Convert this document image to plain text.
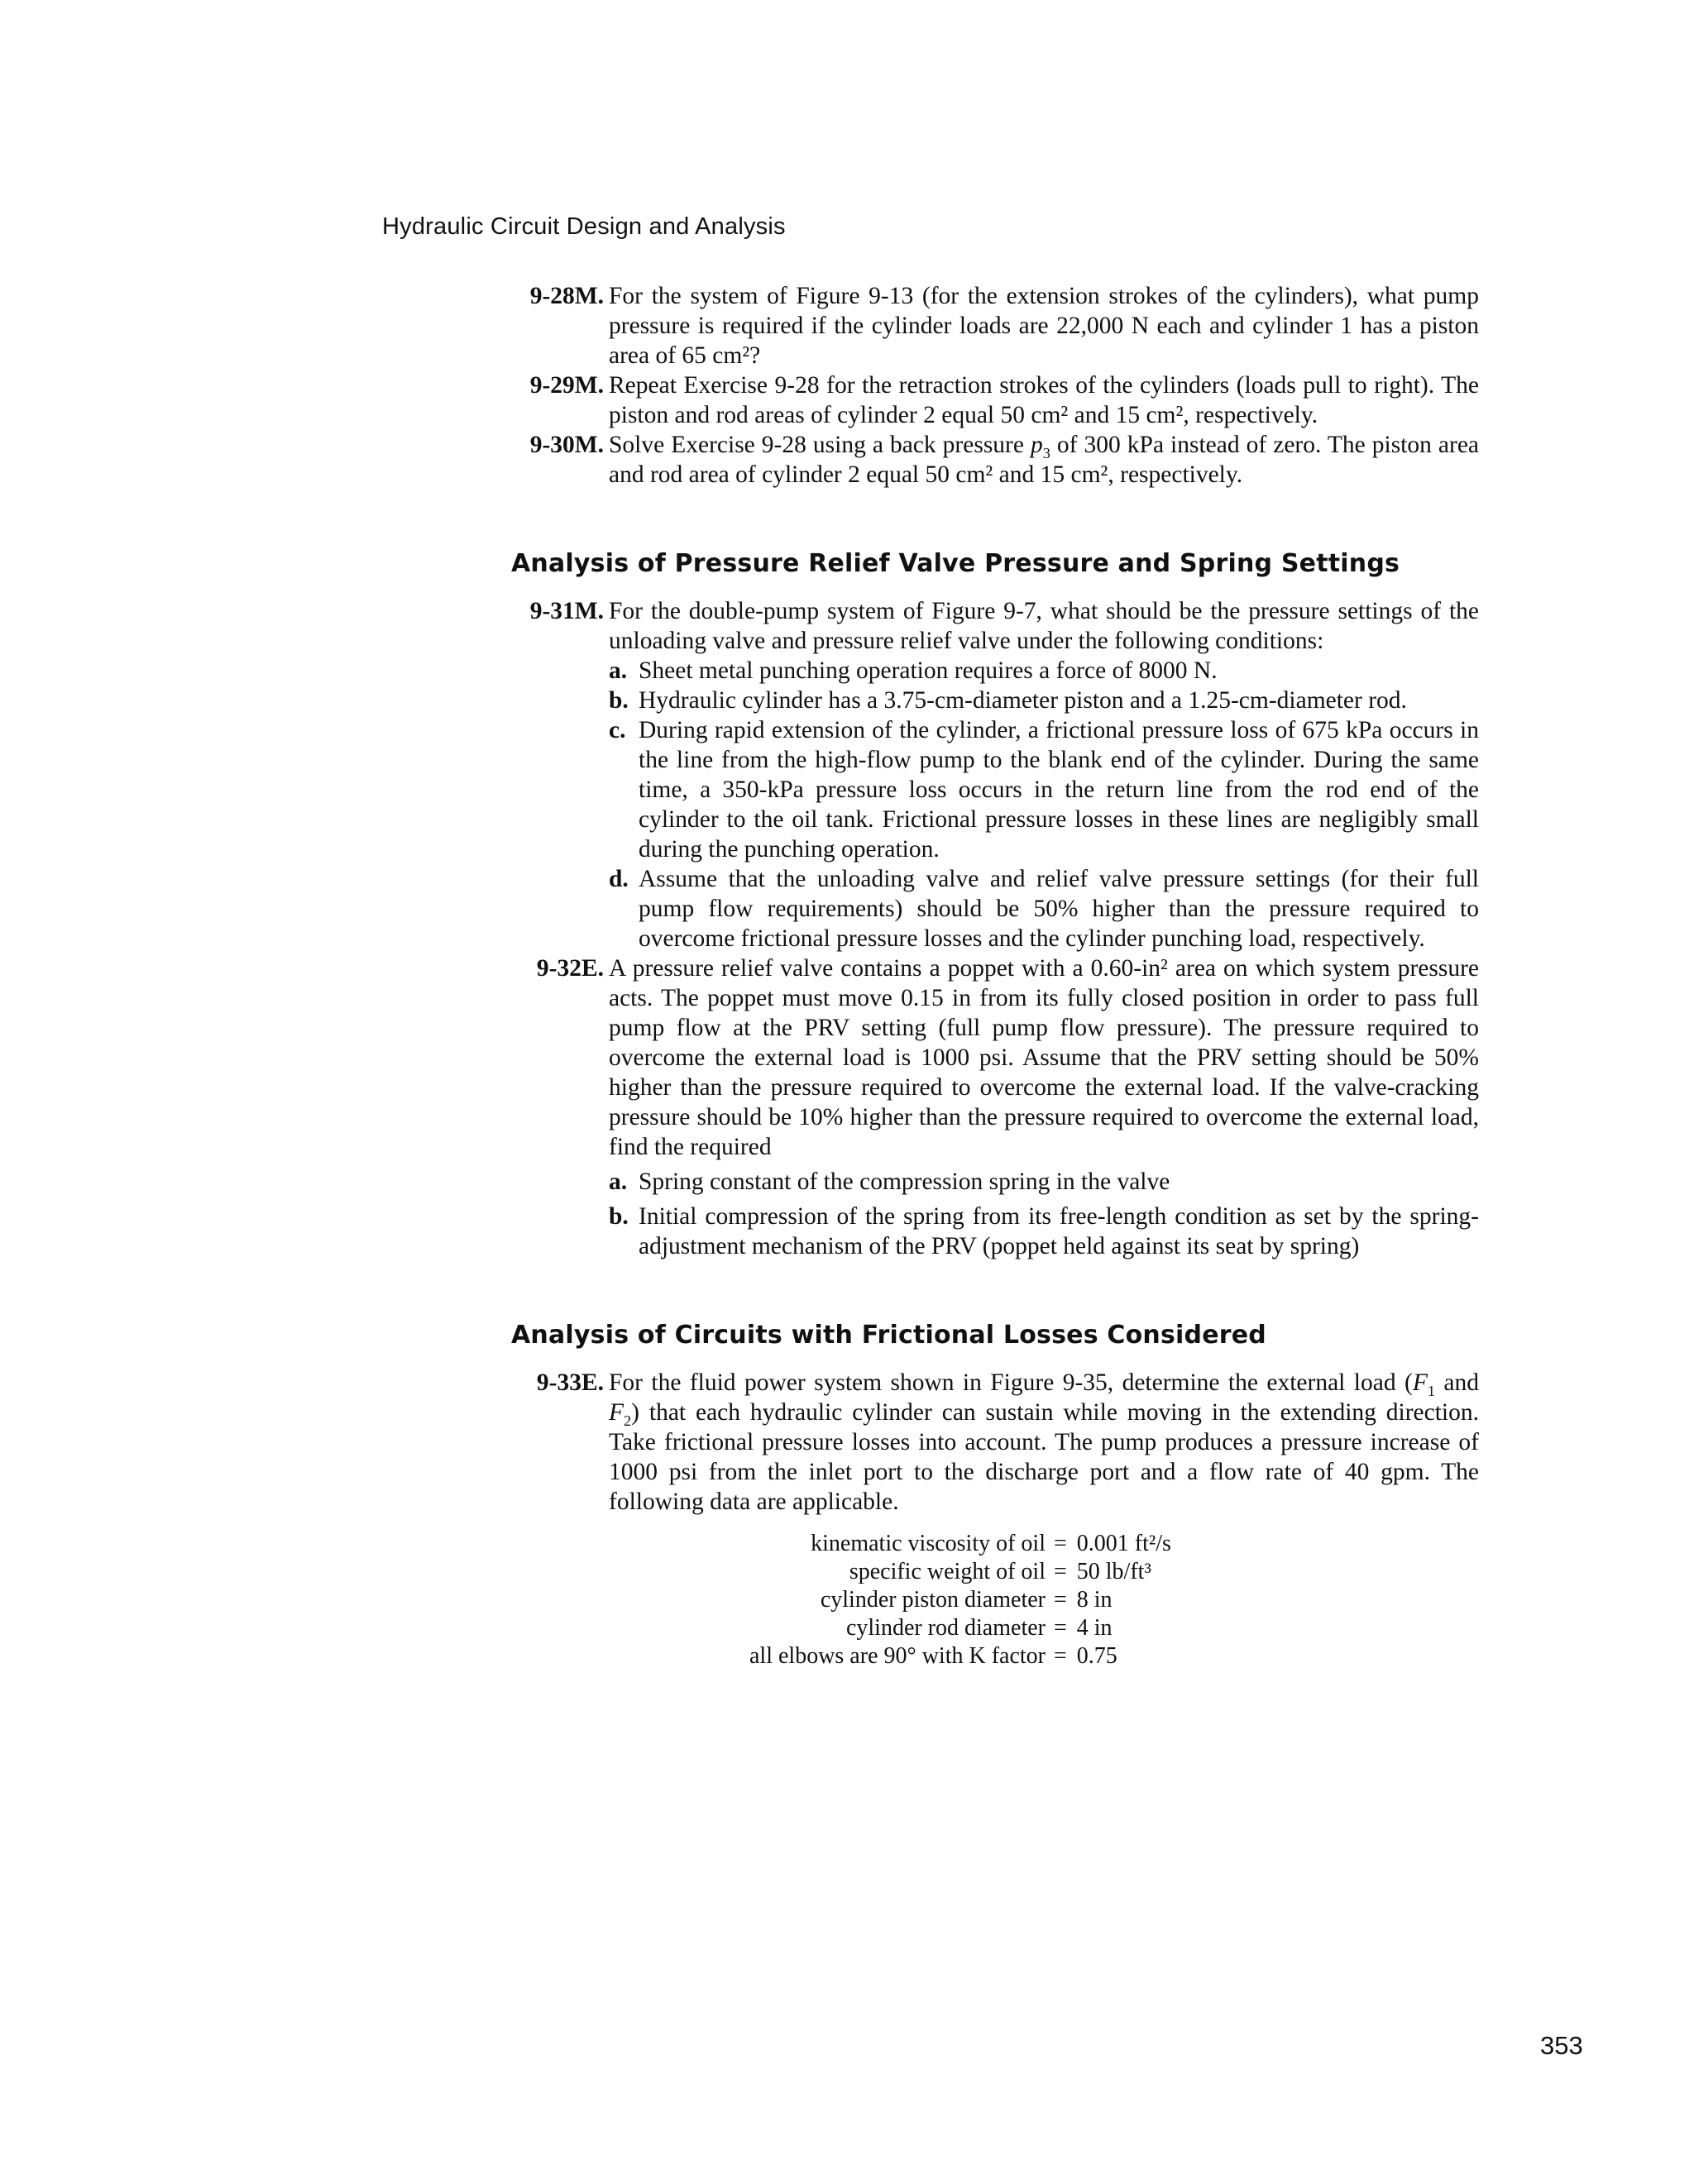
Hydraulic Circuit Design and Analysis
9-28M. For the system of Figure 9-13 (for the extension strokes of the cylinders), what pump pressure is required if the cylinder loads are 22,000 N each and cylinder 1 has a piston area of 65 cm²?
9-29M. Repeat Exercise 9-28 for the retraction strokes of the cylinders (loads pull to right). The piston and rod areas of cylinder 2 equal 50 cm² and 15 cm², respectively.
9-30M. Solve Exercise 9-28 using a back pressure $p_3$ of 300 kPa instead of zero. The piston area and rod area of cylinder 2 equal 50 cm² and 15 cm², respectively.
Analysis of Pressure Relief Valve Pressure and Spring Settings
9-31M. For the double-pump system of Figure 9-7, what should be the pressure settings of the unloading valve and pressure relief valve under the following conditions:
a. Sheet metal punching operation requires a force of 8000 N.
b. Hydraulic cylinder has a 3.75-cm-diameter piston and a 1.25-cm-diameter rod.
c. During rapid extension of the cylinder, a frictional pressure loss of 675 kPa occurs in the line from the high-flow pump to the blank end of the cylinder. During the same time, a 350-kPa pressure loss occurs in the return line from the rod end of the cylinder to the oil tank. Frictional pressure losses in these lines are negligibly small during the punching operation.
d. Assume that the unloading valve and relief valve pressure settings (for their full pump flow requirements) should be 50% higher than the pressure required to overcome frictional pressure losses and the cylinder punching load, respectively.
9-32E. A pressure relief valve contains a poppet with a 0.60-in² area on which system pressure acts. The poppet must move 0.15 in from its fully closed position in order to pass full pump flow at the PRV setting (full pump flow pressure). The pressure required to overcome the external load is 1000 psi. Assume that the PRV setting should be 50% higher than the pressure required to overcome the external load. If the valve-cracking pressure should be 10% higher than the pressure required to overcome the external load, find the required
a. Spring constant of the compression spring in the valve
b. Initial compression of the spring from its free-length condition as set by the spring-adjustment mechanism of the PRV (poppet held against its seat by spring)
Analysis of Circuits with Frictional Losses Considered
9-33E. For the fluid power system shown in Figure 9-35, determine the external load ($F_1$ and $F_2$) that each hydraulic cylinder can sustain while moving in the extending direction. Take frictional pressure losses into account. The pump produces a pressure increase of 1000 psi from the inlet port to the discharge port and a flow rate of 40 gpm. The following data are applicable.
kinematic viscosity of oil	=	0.001 ft²/s
specific weight of oil	=	50 lb/ft³
cylinder piston diameter	=	8 in
cylinder rod diameter	=	4 in
all elbows are 90° with K factor	=	0.75
353
